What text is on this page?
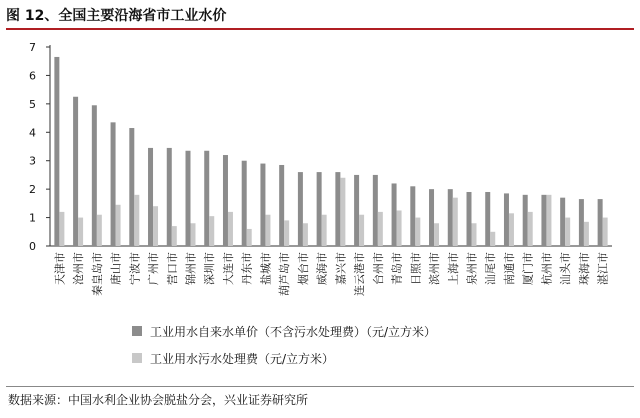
图 12、全国主要沿海省市工业水价
0
1
2
3
4
5
6
7
天津市 沧州市 秦皇岛市 唐山市 宁波市 广州市 营口市 锦州市 深圳市 大连市 丹东市 盐城市 葫芦岛市 烟台市 威海市 嘉兴市 连云港市 台州市 青岛市 日照市 滨州市 上海市 泉州市 汕尾市 南通市 厦门市 杭州市 汕头市 珠海市 湛江市
工业用水自来水单价（不含污水处理费）（元/立方米）
工业用水污水处理费（元/立方米）
数据来源：中国水利企业协会脱盐分会，兴业证券研究所
